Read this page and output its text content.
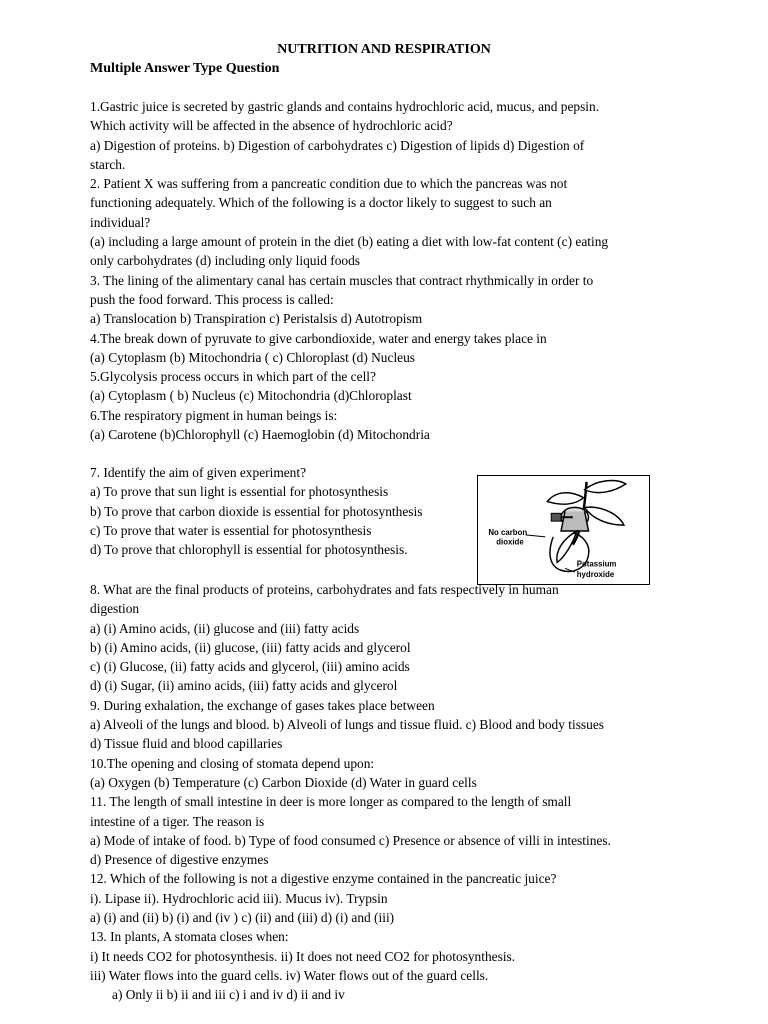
NUTRITION AND RESPIRATION
Multiple Answer Type Question
1.Gastric juice is secreted by gastric glands and contains hydrochloric acid, mucus, and pepsin.
Which activity will be affected in the absence of hydrochloric acid?
a) Digestion of proteins. b) Digestion of carbohydrates c) Digestion of lipids d) Digestion of
starch.
2. Patient X was suffering from a pancreatic condition due to which the pancreas was not
functioning adequately. Which of the following is a doctor likely to suggest to such an
individual?
(a) including a large amount of protein in the diet (b) eating a diet with low-fat content (c) eating
only carbohydrates (d) including only liquid foods
3. The lining of the alimentary canal has certain muscles that contract rhythmically in order to
push the food forward. This process is called:
a) Translocation b) Transpiration c) Peristalsis d) Autotropism
4.The break down of pyruvate to give carbondioxide, water and energy takes place in
(a) Cytoplasm (b) Mitochondria ( c) Chloroplast (d) Nucleus
5.Glycolysis process occurs in which part of the cell?
(a) Cytoplasm ( b) Nucleus (c) Mitochondria (d)Chloroplast
6.The respiratory pigment in human beings is:
(a) Carotene (b)Chlorophyll (c) Haemoglobin (d) Mitochondria
7. Identify the aim of given experiment?
a) To prove that sun light is essential for photosynthesis
b) To prove that carbon dioxide is essential for photosynthesis
c) To prove that water is essential for photosynthesis
d) To prove that chlorophyll is essential for photosynthesis.
No carbon
dioxide
Potassium
hydroxide
8. What are the final products of proteins, carbohydrates and fats respectively in human
digestion
a) (i) Amino acids, (ii) glucose and (iii) fatty acids
b) (i) Amino acids, (ii) glucose, (iii) fatty acids and glycerol
c) (i) Glucose, (ii) fatty acids and glycerol, (iii) amino acids
d) (i) Sugar, (ii) amino acids, (iii) fatty acids and glycerol
9. During exhalation, the exchange of gases takes place between
a) Alveoli of the lungs and blood. b) Alveoli of lungs and tissue fluid. c) Blood and body tissues
d) Tissue fluid and blood capillaries
10.The opening and closing of stomata depend upon:
(a) Oxygen (b) Temperature (c) Carbon Dioxide (d) Water in guard cells
11. The length of small intestine in deer is more longer as compared to the length of small
intestine of a tiger. The reason is
a) Mode of intake of food. b) Type of food consumed c) Presence or absence of villi in intestines.
d) Presence of digestive enzymes
12. Which of the following is not a digestive enzyme contained in the pancreatic juice?
i). Lipase ii). Hydrochloric acid iii). Mucus iv). Trypsin
a) (i) and (ii) b) (i) and (iv ) c) (ii) and (iii) d) (i) and (iii)
13. In plants, A stomata closes when:
i) It needs CO2 for photosynthesis. ii) It does not need CO2 for photosynthesis.
iii) Water flows into the guard cells. iv) Water flows out of the guard cells.
a) Only ii b) ii and iii c) i and iv d) ii and iv
